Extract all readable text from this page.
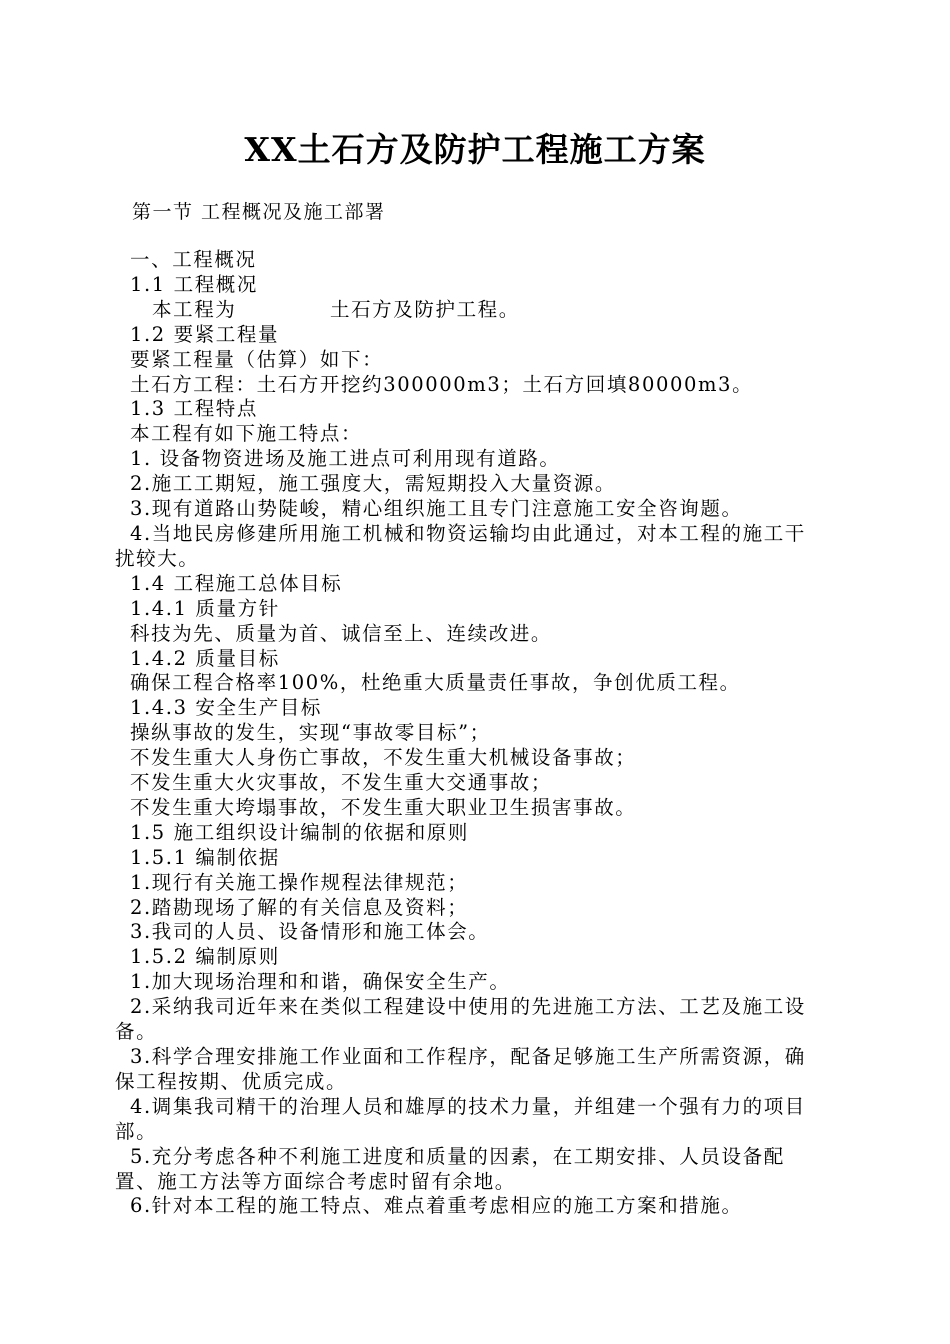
XX土石方及防护工程施工方案
第一节 工程概况及施工部署

一、工程概况

1.1 工程概况

本工程为            土石方及防护工程。

1.2 要紧工程量

要紧工程量（估算）如下：

土石方工程：土石方开挖约300000m3；土石方回填80000m3。

1.3 工程特点

本工程有如下施工特点：

1. 设备物资进场及施工进点可利用现有道路。

2.施工工期短，施工强度大，需短期投入大量资源。

3.现有道路山势陡峻，精心组织施工且专门注意施工安全咨询题。

4.当地民房修建所用施工机械和物资运输均由此通过，对本工程的施工干扰较大。

1.4 工程施工总体目标

1.4.1 质量方针

科技为先、质量为首、诚信至上、连续改进。

1.4.2 质量目标

确保工程合格率100%，杜绝重大质量责任事故，争创优质工程。

1.4.3 安全生产目标

操纵事故的发生，实现“事故零目标”；

不发生重大人身伤亡事故，不发生重大机械设备事故；

不发生重大火灾事故，不发生重大交通事故；

不发生重大垮塌事故，不发生重大职业卫生损害事故。

1.5 施工组织设计编制的依据和原则

1.5.1 编制依据

1.现行有关施工操作规程法律规范；

2.踏勘现场了解的有关信息及资料；

3.我司的人员、设备情形和施工体会。

1.5.2 编制原则

1.加大现场治理和和谐，确保安全生产。

2.采纳我司近年来在类似工程建设中使用的先进施工方法、工艺及施工设备。

3.科学合理安排施工作业面和工作程序，配备足够施工生产所需资源，确保工程按期、优质完成。

4.调集我司精干的治理人员和雄厚的技术力量，并组建一个强有力的项目部。

5.充分考虑各种不利施工进度和质量的因素，在工期安排、人员设备配置、施工方法等方面综合考虑时留有余地。

6.针对本工程的施工特点、难点着重考虑相应的施工方案和措施。
